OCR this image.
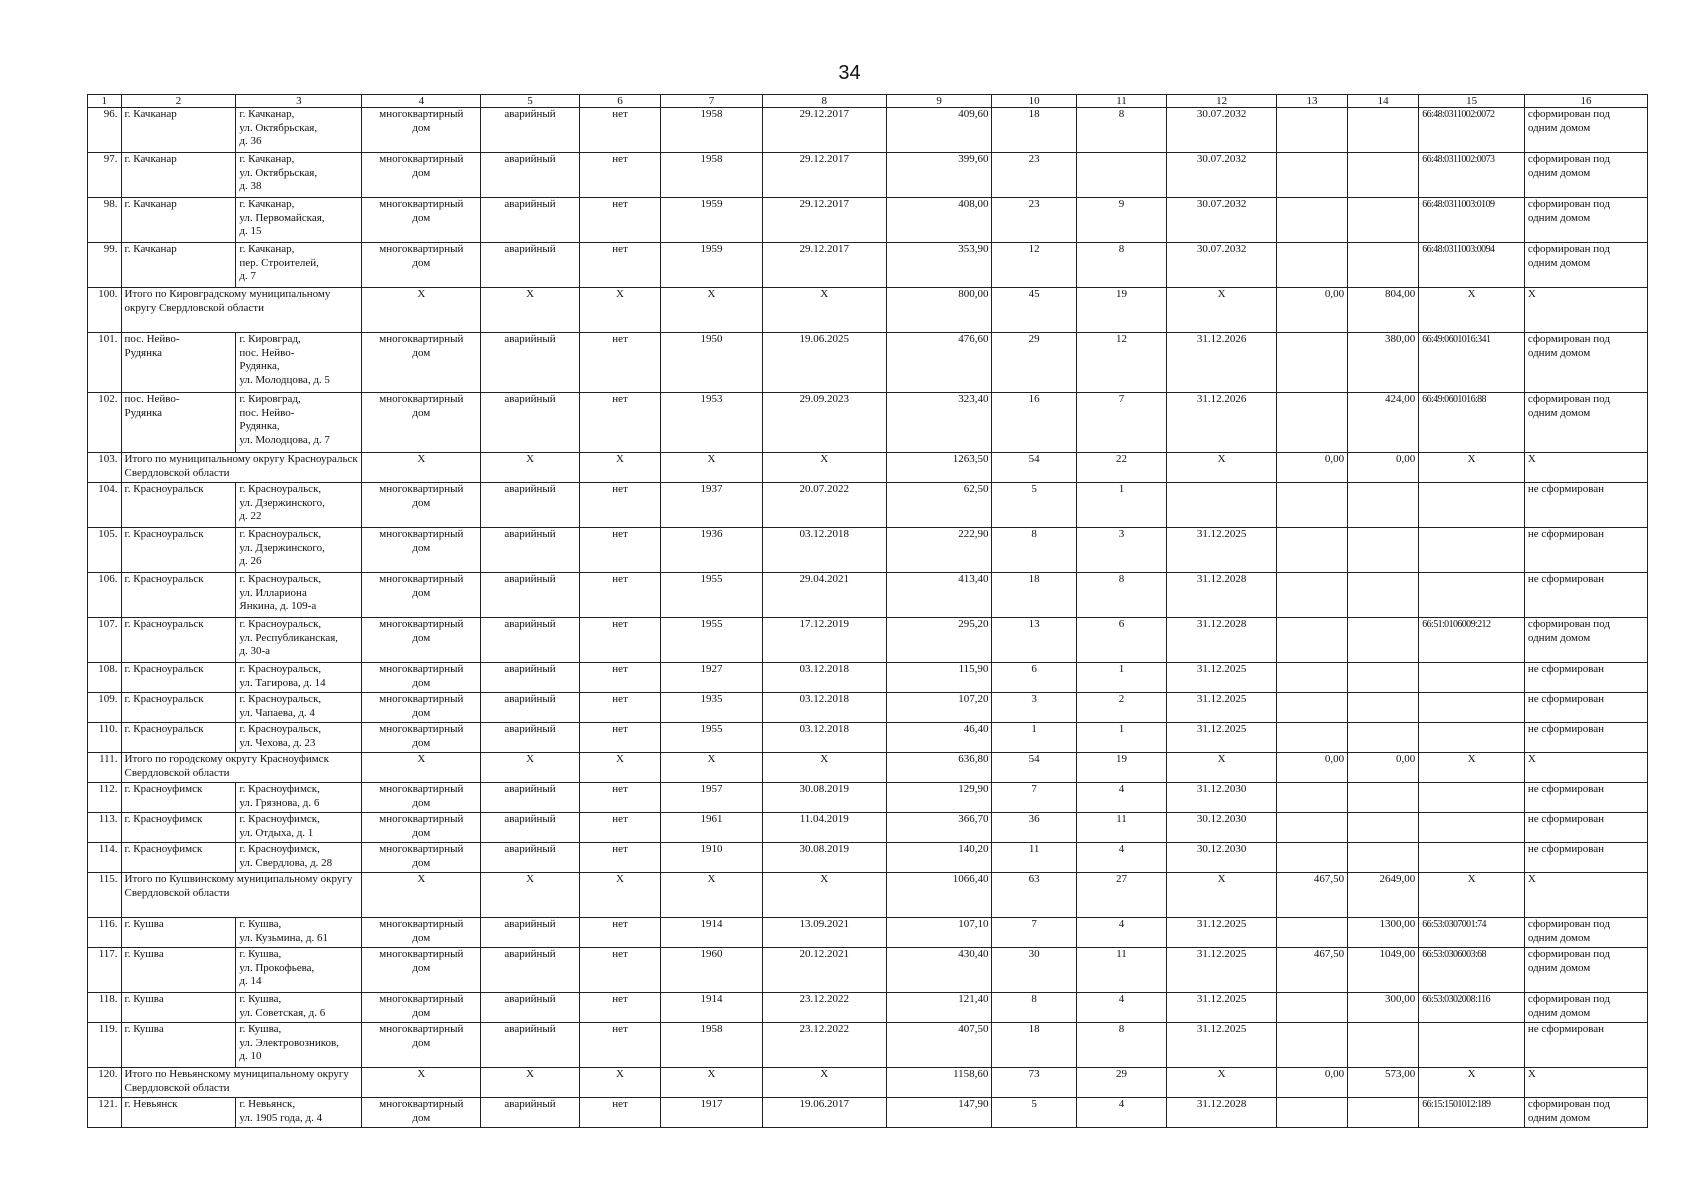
34
1	2	3	4	5	6	7	8	9	10	11	12	13	14	15	16
96.	г. Качканар	г. Качканар,
ул. Октябрьская,
д. 36	многоквартирный
дом	аварийный	нет	1958	29.12.2017	409,60	18	8	30.07.2032			66:48:0311002:0072	сформирован под
одним домом
97.	г. Качканар	г. Качканар,
ул. Октябрьская,
д. 38	многоквартирный
дом	аварийный	нет	1958	29.12.2017	399,60	23		30.07.2032			66:48:0311002:0073	сформирован под
одним домом
98.	г. Качканар	г. Качканар,
ул. Первомайская,
д. 15	многоквартирный
дом	аварийный	нет	1959	29.12.2017	408,00	23	9	30.07.2032			66:48:0311003:0109	сформирован под
одним домом
99.	г. Качканар	г. Качканар,
пер. Строителей,
д. 7	многоквартирный
дом	аварийный	нет	1959	29.12.2017	353,90	12	8	30.07.2032			66:48:0311003:0094	сформирован под
одним домом
100.	Итого по Кировградскому муниципальному округу Свердловской области		Х	Х	Х	Х	Х	800,00	45	19	Х	0,00	804,00	Х	Х
101.	пос. Нейво-
Рудянка	г. Кировград,
пос. Нейво-
Рудянка,
ул. Молодцова, д. 5	многоквартирный
дом	аварийный	нет	1950	19.06.2025	476,60	29	12	31.12.2026		380,00	66:49:0601016:341	сформирован под
одним домом
102.	пос. Нейво-
Рудянка	г. Кировград,
пос. Нейво-
Рудянка,
ул. Молодцова, д. 7	многоквартирный
дом	аварийный	нет	1953	29.09.2023	323,40	16	7	31.12.2026		424,00	66:49:0601016:88	сформирован под
одним домом
103.	Итого по муниципальному округу Красноуральск Свердловской области		Х	Х	Х	Х	Х	1263,50	54	22	Х	0,00	0,00	Х	Х
104.	г. Красноуральск	г. Красноуральск,
ул. Дзержинского,
д. 22	многоквартирный
дом	аварийный	нет	1937	20.07.2022	62,50	5	1					не сформирован
105.	г. Красноуральск	г. Красноуральск,
ул. Дзержинского,
д. 26	многоквартирный
дом	аварийный	нет	1936	03.12.2018	222,90	8	3	31.12.2025				не сформирован
106.	г. Красноуральск	г. Красноуральск,
ул. Иллариона
Янкина, д. 109-а	многоквартирный
дом	аварийный	нет	1955	29.04.2021	413,40	18	8	31.12.2028				не сформирован
107.	г. Красноуральск	г. Красноуральск,
ул. Республиканская,
д. 30-а	многоквартирный
дом	аварийный	нет	1955	17.12.2019	295,20	13	6	31.12.2028			66:51:0106009:212	сформирован под
одним домом
108.	г. Красноуральск	г. Красноуральск,
ул. Тагирова, д. 14	многоквартирный
дом	аварийный	нет	1927	03.12.2018	115,90	6	1	31.12.2025				не сформирован
109.	г. Красноуральск	г. Красноуральск,
ул. Чапаева, д. 4	многоквартирный
дом	аварийный	нет	1935	03.12.2018	107,20	3	2	31.12.2025				не сформирован
110.	г. Красноуральск	г. Красноуральск,
ул. Чехова, д. 23	многоквартирный
дом	аварийный	нет	1955	03.12.2018	46,40	1	1	31.12.2025				не сформирован
111.	Итого по городскому округу Красноуфимск Свердловской области		Х	Х	Х	Х	Х	636,80	54	19	Х	0,00	0,00	Х	Х
112.	г. Красноуфимск	г. Красноуфимск,
ул. Грязнова, д. 6	многоквартирный
дом	аварийный	нет	1957	30.08.2019	129,90	7	4	31.12.2030				не сформирован
113.	г. Красноуфимск	г. Красноуфимск,
ул. Отдыха, д. 1	многоквартирный
дом	аварийный	нет	1961	11.04.2019	366,70	36	11	30.12.2030				не сформирован
114.	г. Красноуфимск	г. Красноуфимск,
ул. Свердлова, д. 28	многоквартирный
дом	аварийный	нет	1910	30.08.2019	140,20	11	4	30.12.2030				не сформирован
115.	Итого по Кушвинскому муниципальному округу Свердловской области		Х	Х	Х	Х	Х	1066,40	63	27	Х	467,50	2649,00	Х	Х
116.	г. Кушва	г. Кушва,
ул. Кузьмина, д. 61	многоквартирный
дом	аварийный	нет	1914	13.09.2021	107,10	7	4	31.12.2025		1300,00	66:53:0307001:74	сформирован под
одним домом
117.	г. Кушва	г. Кушва,
ул. Прокофьева,
д. 14	многоквартирный
дом	аварийный	нет	1960	20.12.2021	430,40	30	11	31.12.2025	467,50	1049,00	66:53:0306003:68	сформирован под
одним домом
118.	г. Кушва	г. Кушва,
ул. Советская, д. 6	многоквартирный
дом	аварийный	нет	1914	23.12.2022	121,40	8	4	31.12.2025		300,00	66:53:0302008:116	сформирован под
одним домом
119.	г. Кушва	г. Кушва,
ул. Электровозников,
д. 10	многоквартирный
дом	аварийный	нет	1958	23.12.2022	407,50	18	8	31.12.2025				не сформирован
120.	Итого по Невьянскому муниципальному округу Свердловской области		Х	Х	Х	Х	Х	1158,60	73	29	Х	0,00	573,00	Х	Х
121.	г. Невьянск	г. Невьянск,
ул. 1905 года, д. 4	многоквартирный
дом	аварийный	нет	1917	19.06.2017	147,90	5	4	31.12.2028			66:15:1501012:189	сформирован под
одним домом
